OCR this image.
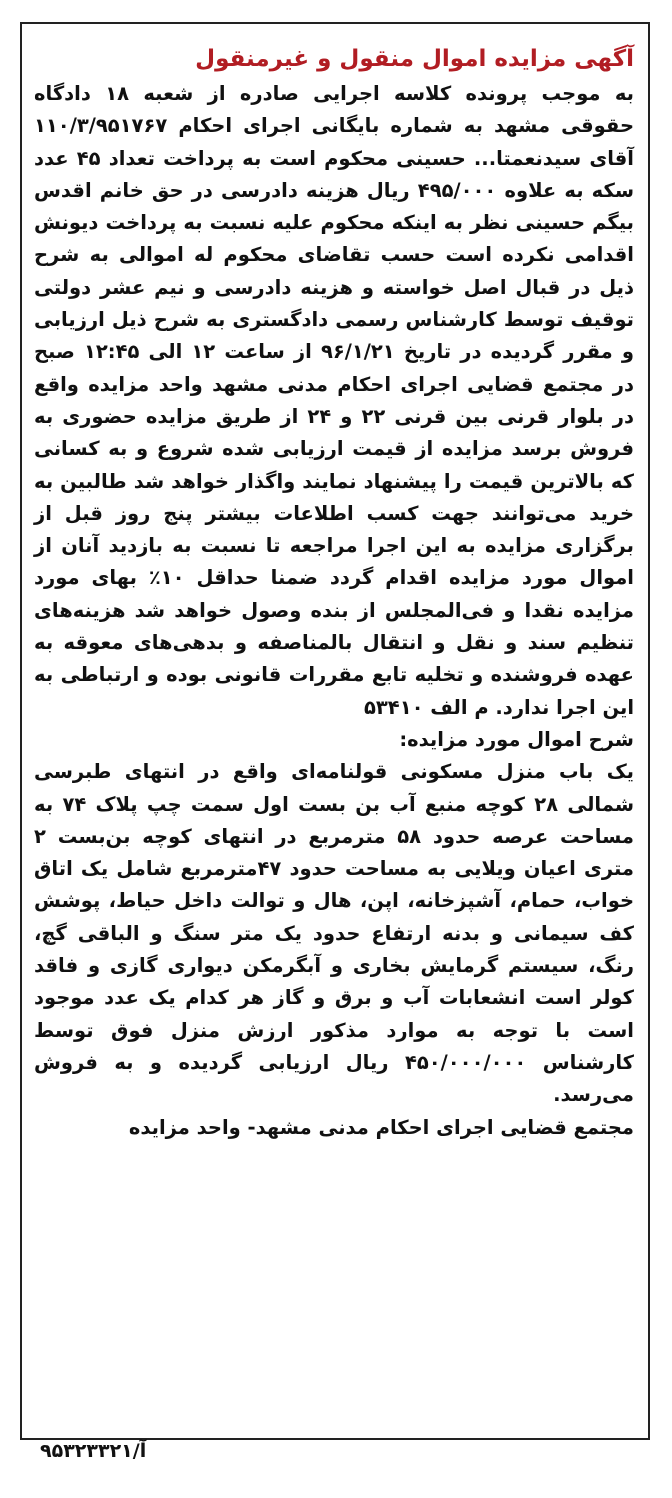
آگهی مزایده اموال منقول و غیرمنقول

به موجب پرونده کلاسه اجرایی صادره از شعبه ۱۸ دادگاه حقوقی مشهد به شماره بایگانی اجرای احکام ۱۱۰/۳/۹۵۱۷۶۷ آقای سیدنعمتا... حسینی محکوم است به پرداخت تعداد ۴۵ عدد سکه به علاوه ۴۹۵/۰۰۰ ریال هزینه دادرسی در حق خانم اقدس بیگم حسینی نظر به اینکه محکوم علیه نسبت به پرداخت دیونش اقدامی نکرده است حسب تقاضای محکوم له اموالی به شرح ذیل در قبال اصل خواسته و هزینه دادرسی و نیم عشر دولتی توقیف توسط کارشناس رسمی دادگستری به شرح ذیل ارزیابی و مقرر گردیده در تاریخ ۹۶/۱/۲۱ از ساعت ۱۲ الی ۱۲:۴۵ صبح در مجتمع قضایی اجرای احکام مدنی مشهد واحد مزایده واقع در بلوار قرنی بین قرنی ۲۲ و ۲۴ از طریق مزایده حضوری به فروش برسد مزایده از قیمت ارزیابی شده شروع و به کسانی که بالاترین قیمت را پیشنهاد نمایند واگذار خواهد شد طالبین به خرید می‌توانند جهت کسب اطلاعات بیشتر پنج روز قبل از برگزاری مزایده به این اجرا مراجعه تا نسبت به بازدید آنان از اموال مورد مزایده اقدام گردد ضمنا حداقل ۱۰٪ بهای مورد مزایده نقدا و فی‌المجلس از بنده وصول خواهد شد هزینه‌های تنظیم سند و نقل و انتقال بالمناصفه و بدهی‌های معوقه به عهده فروشنده و تخلیه تابع مقررات قانونی بوده و ارتباطی به این اجرا ندارد. م الف ۵۳۴۱۰

شرح اموال مورد مزایده:

یک باب منزل مسکونی قولنامه‌ای واقع در انتهای طبرسی شمالی ۲۸ کوچه منبع آب بن بست اول سمت چپ پلاک ۷۴ به مساحت عرصه حدود ۵۸ مترمربع در انتهای کوچه بن‌بست ۲ متری اعیان ویلایی به مساحت حدود ۴۷مترمربع شامل یک اتاق خواب، حمام، آشپزخانه، اپن، هال و توالت داخل حیاط، پوشش کف سیمانی و بدنه ارتفاع حدود یک متر سنگ و الباقی گچ، رنگ، سیستم گرمایش بخاری و آبگرمکن دیواری گازی و فاقد کولر است انشعابات آب و برق و گاز هر کدام یک عدد موجود است با توجه به موارد مذکور ارزش منزل فوق توسط کارشناس ۴۵۰/۰۰۰/۰۰۰ ریال ارزیابی گردیده و به فروش می‌رسد.

مجتمع قضایی اجرای احکام مدنی مشهد- واحد مزایده

آ/۹۵۳۲۳۳۲۱
